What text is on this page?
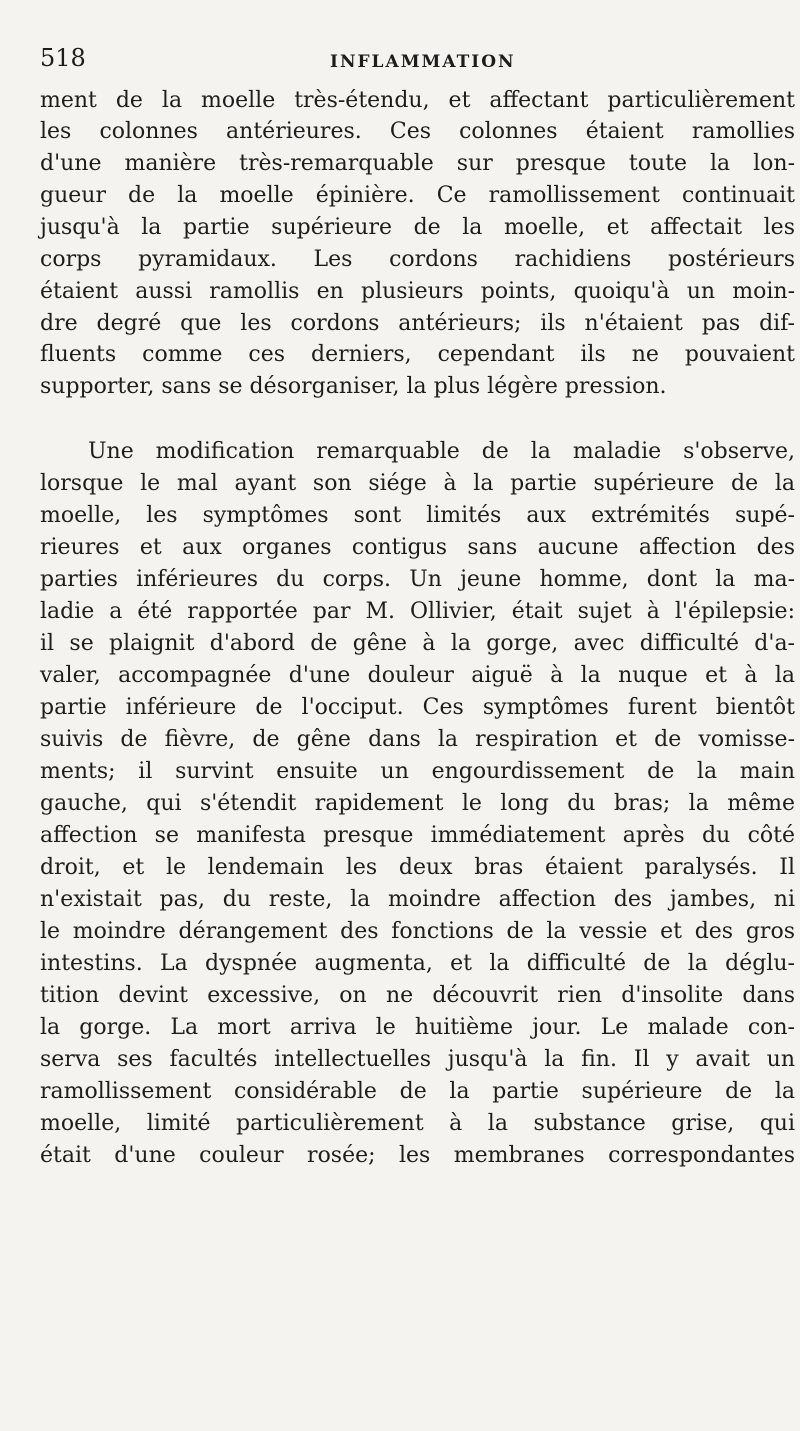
518	INFLAMMATION
ment de la moelle très-étendu, et affectant particulièrement
les colonnes antérieures. Ces colonnes étaient ramollies
d'une manière très-remarquable sur presque toute la lon-
gueur de la moelle épinière. Ce ramollissement continuait
jusqu'à la partie supérieure de la moelle, et affectait les
corps pyramidaux. Les cordons rachidiens postérieurs
étaient aussi ramollis en plusieurs points, quoiqu'à un moin-
dre degré que les cordons antérieurs; ils n'étaient pas dif-
fluents comme ces derniers, cependant ils ne pouvaient
supporter, sans se désorganiser, la plus légère pression.
Une modification remarquable de la maladie s'observe,
lorsque le mal ayant son siége à la partie supérieure de la
moelle, les symptômes sont limités aux extrémités supé-
rieures et aux organes contigus sans aucune affection des
parties inférieures du corps. Un jeune homme, dont la ma-
ladie a été rapportée par M. Ollivier, était sujet à l'épilepsie:
il se plaignit d'abord de gêne à la gorge, avec difficulté d'a-
valer, accompagnée d'une douleur aiguë à la nuque et à la
partie inférieure de l'occiput. Ces symptômes furent bientôt
suivis de fièvre, de gêne dans la respiration et de vomisse-
ments; il survint ensuite un engourdissement de la main
gauche, qui s'étendit rapidement le long du bras; la même
affection se manifesta presque immédiatement après du côté
droit, et le lendemain les deux bras étaient paralysés. Il
n'existait pas, du reste, la moindre affection des jambes, ni
le moindre dérangement des fonctions de la vessie et des gros
intestins. La dyspnée augmenta, et la difficulté de la déglu-
tition devint excessive, on ne découvrit rien d'insolite dans
la gorge. La mort arriva le huitième jour. Le malade con-
serva ses facultés intellectuelles jusqu'à la fin. Il y avait un
ramollissement considérable de la partie supérieure de la
moelle, limité particulièrement à la substance grise, qui
était d'une couleur rosée; les membranes correspondantes
